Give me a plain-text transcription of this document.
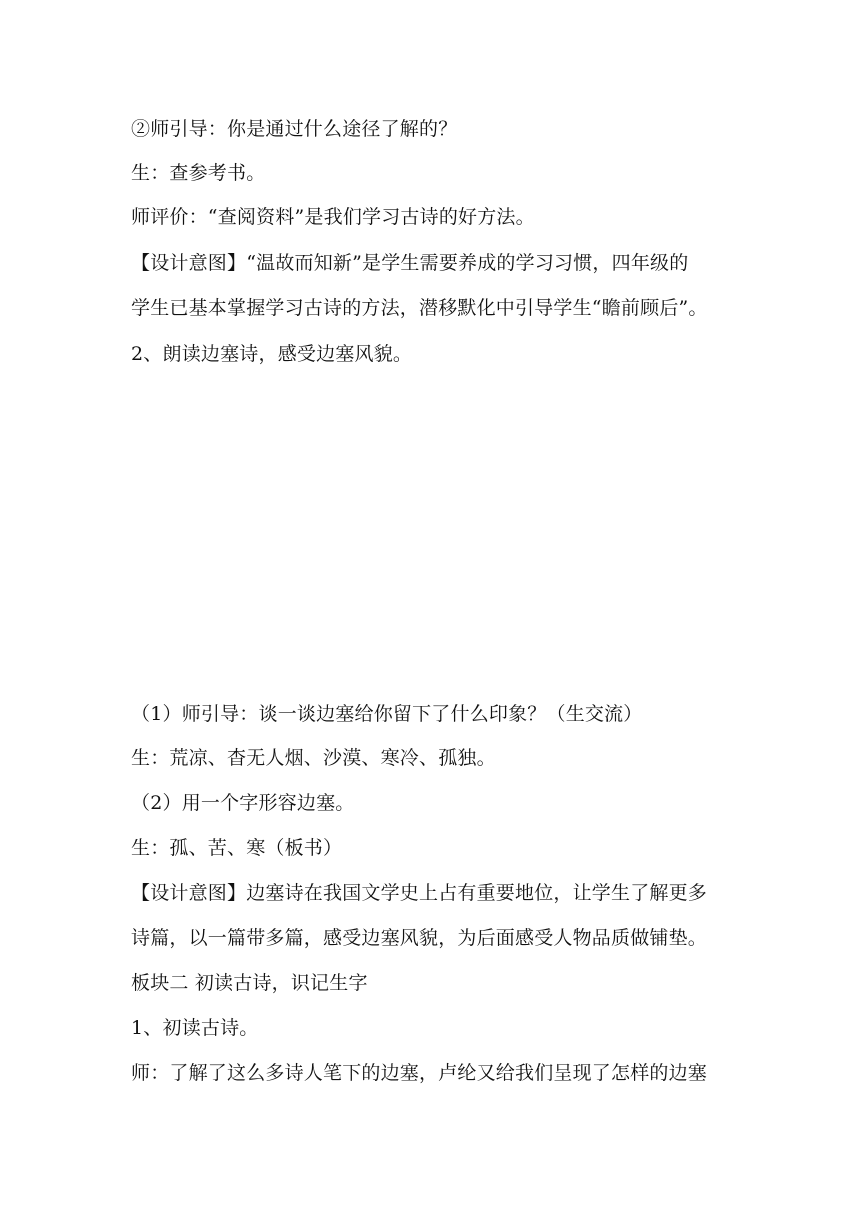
②师引导：你是通过什么途径了解的？
生：查参考书。
师评价：“查阅资料”是我们学习古诗的好方法。
【设计意图】“温故而知新”是学生需要养成的学习习惯，四年级的
学生已基本掌握学习古诗的方法，潜移默化中引导学生“瞻前顾后”。
2、朗读边塞诗，感受边塞风貌。
（1）师引导：谈一谈边塞给你留下了什么印象？（生交流）
生：荒凉、杳无人烟、沙漠、寒冷、孤独。
（2）用一个字形容边塞。
生：孤、苦、寒（板书）
【设计意图】边塞诗在我国文学史上占有重要地位，让学生了解更多
诗篇，以一篇带多篇，感受边塞风貌，为后面感受人物品质做铺垫。
板块二 初读古诗，识记生字
1、初读古诗。
师：了解了这么多诗人笔下的边塞，卢纶又给我们呈现了怎样的边塞
